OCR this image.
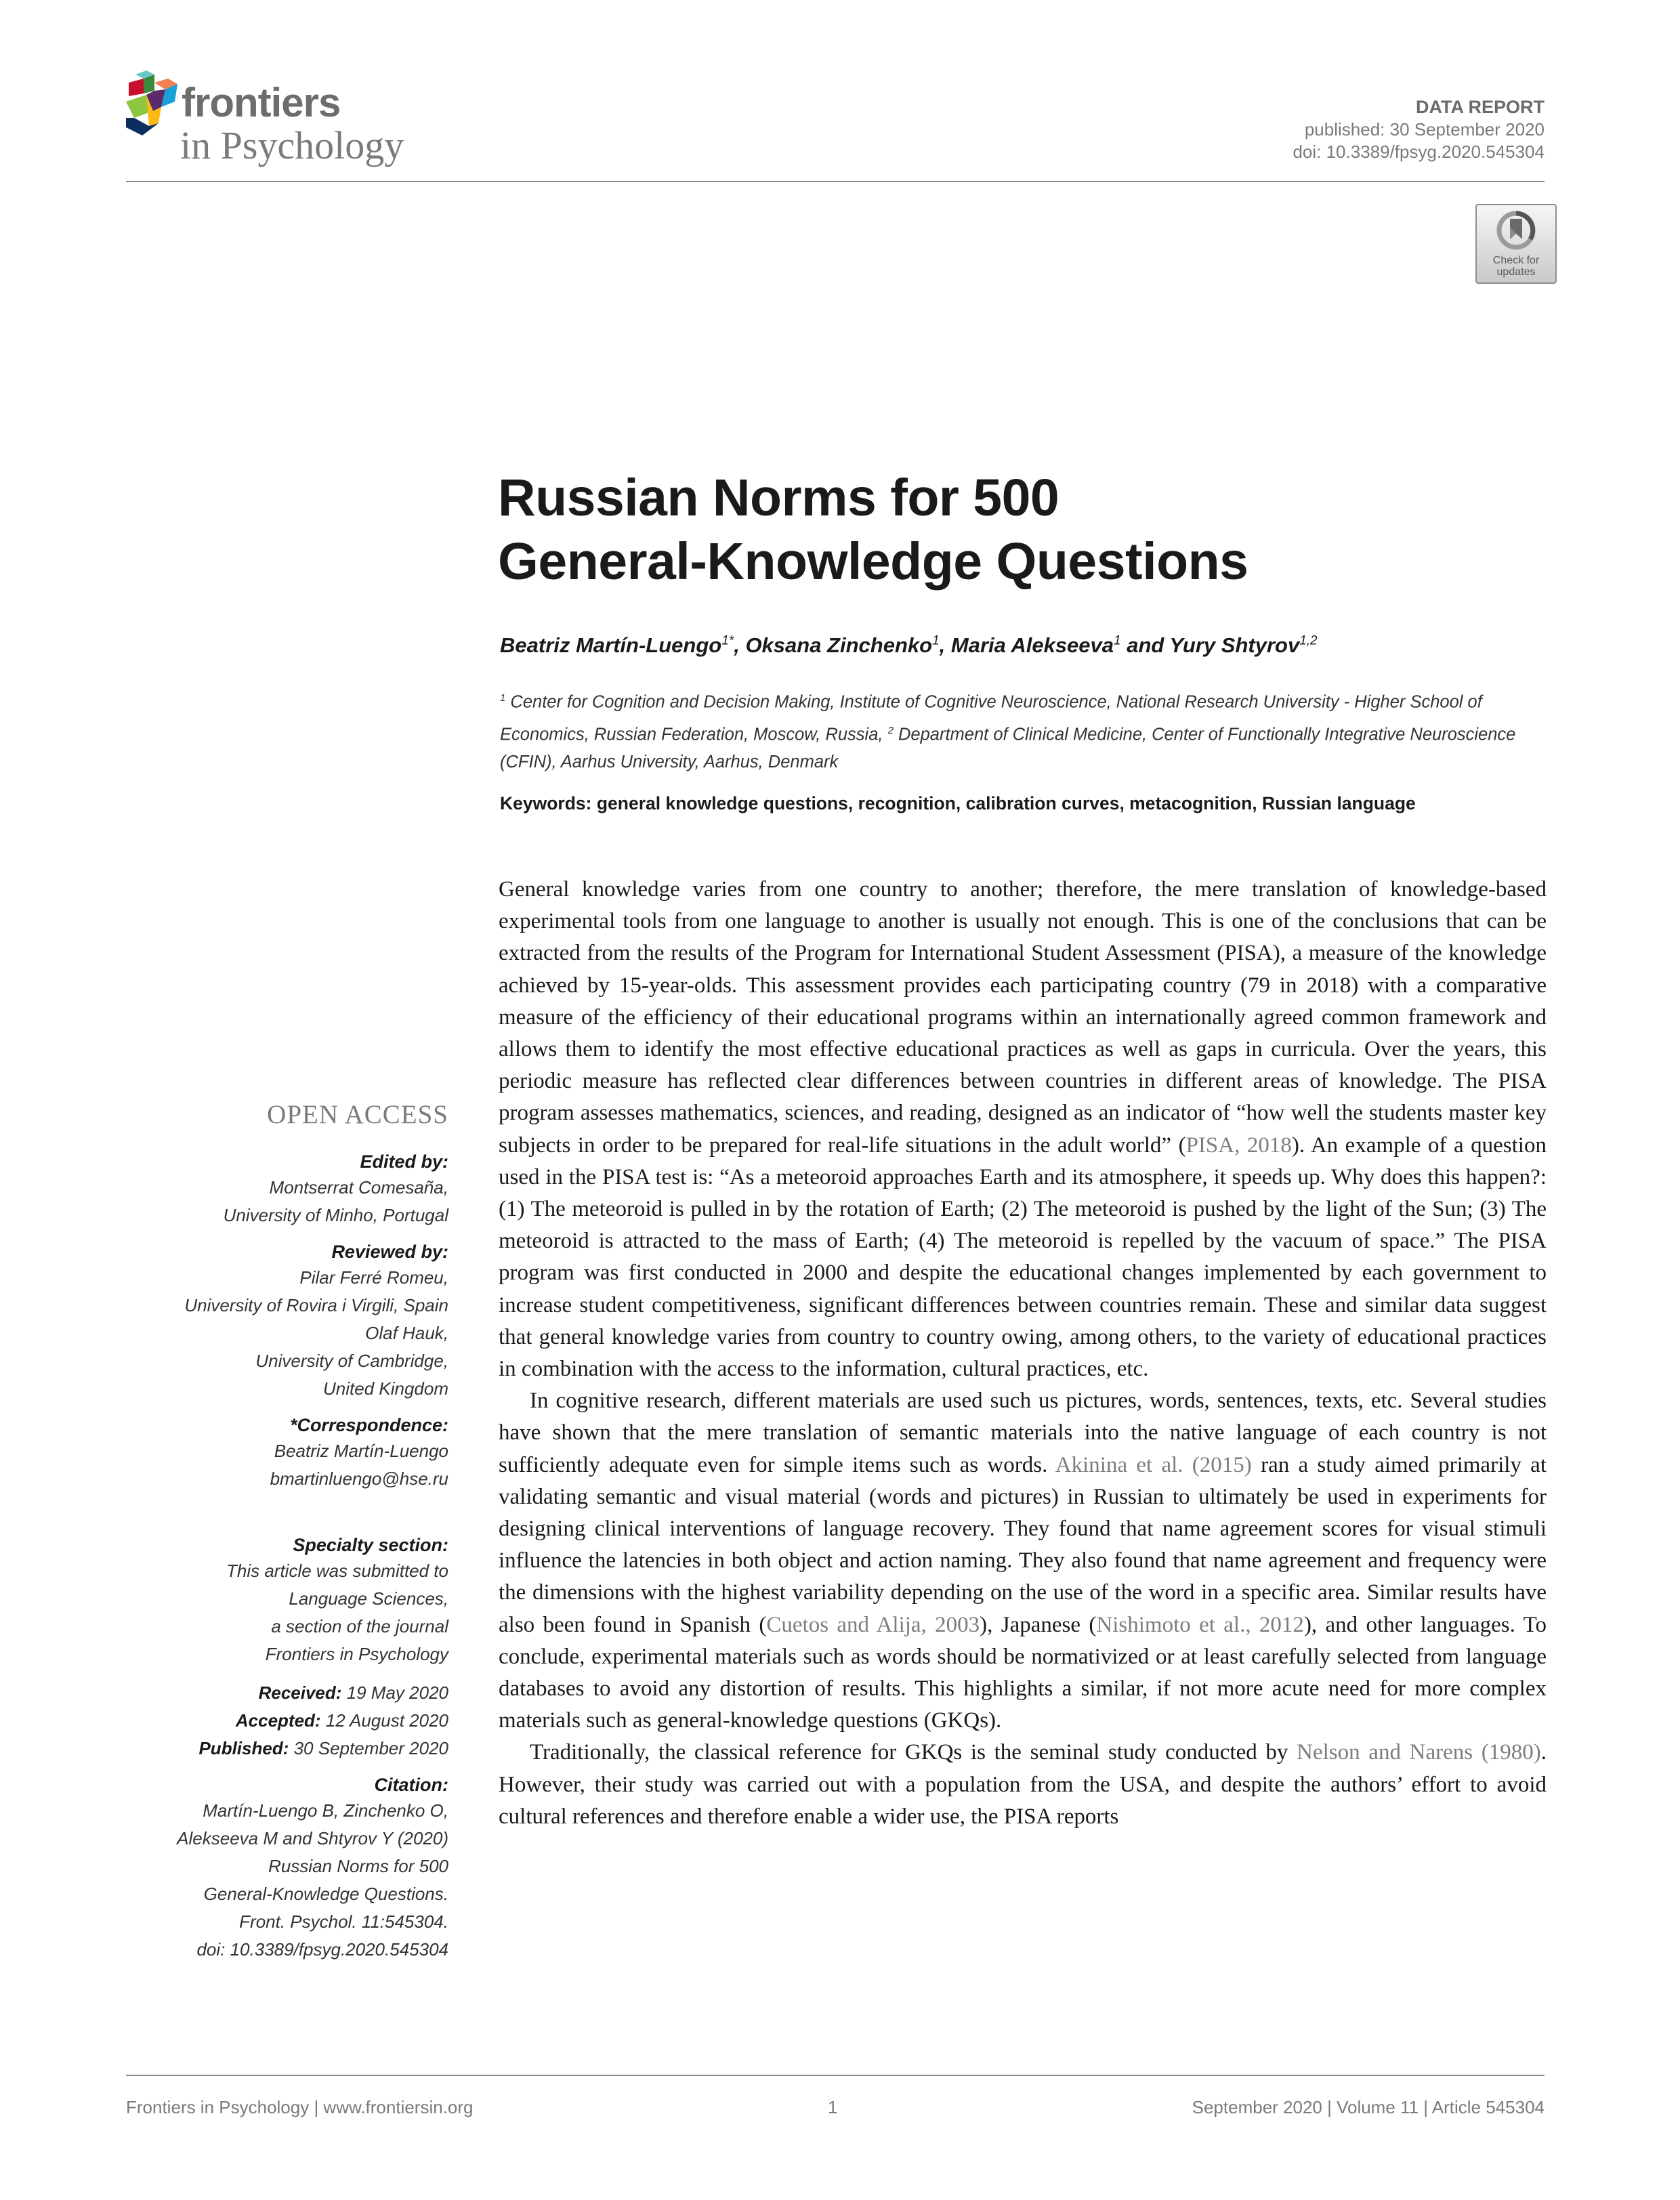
frontiers
in Psychology
DATA REPORT
published: 30 September 2020
doi: 10.3389/fpsyg.2020.545304
Check for
updates
Russian Norms for 500
General-Knowledge Questions
Beatriz Martín-Luengo$^{1*}$, Oksana Zinchenko$^1$, Maria Alekseeva$^1$ and Yury Shtyrov$^{1,2}$
$^1$ Center for Cognition and Decision Making, Institute of Cognitive Neuroscience, National Research University - Higher School of Economics, Russian Federation, Moscow, Russia, $^2$ Department of Clinical Medicine, Center of Functionally Integrative Neuroscience (CFIN), Aarhus University, Aarhus, Denmark
Keywords: general knowledge questions, recognition, calibration curves, metacognition, Russian language
OPEN ACCESS
Edited by:
Montserrat Comesaña,
University of Minho, Portugal
Reviewed by:
Pilar Ferré Romeu,
University of Rovira i Virgili, Spain
Olaf Hauk,
University of Cambridge,
United Kingdom
*Correspondence:
Beatriz Martín-Luengo
bmartinluengo@hse.ru
Specialty section:
This article was submitted to
Language Sciences,
a section of the journal
Frontiers in Psychology
Received: 19 May 2020
Accepted: 12 August 2020
Published: 30 September 2020
Citation:
Martín-Luengo B, Zinchenko O,
Alekseeva M and Shtyrov Y (2020)
Russian Norms for 500
General-Knowledge Questions.
Front. Psychol. 11:545304.
doi: 10.3389/fpsyg.2020.545304

General knowledge varies from one country to another; therefore, the mere translation of knowledge-based experimental tools from one language to another is usually not enough. This is one of the conclusions that can be extracted from the results of the Program for International Student Assessment (PISA), a measure of the knowledge achieved by 15-year-olds. This assessment provides each participating country (79 in 2018) with a comparative measure of the efficiency of their educational programs within an internationally agreed common framework and allows them to identify the most effective educational practices as well as gaps in curricula. Over the years, this periodic measure has reflected clear differences between countries in different areas of knowledge. The PISA program assesses mathematics, sciences, and reading, designed as an indicator of “how well the students master key subjects in order to be prepared for real-life situations in the adult world” (PISA, 2018). An example of a question used in the PISA test is: “As a meteoroid approaches Earth and its atmosphere, it speeds up. Why does this happen?: (1) The meteoroid is pulled in by the rotation of Earth; (2) The meteoroid is pushed by the light of the Sun; (3) The meteoroid is attracted to the mass of Earth; (4) The meteoroid is repelled by the vacuum of space.” The PISA program was first conducted in 2000 and despite the educational changes implemented by each government to increase student competitiveness, significant differences between countries remain. These and similar data suggest that general knowledge varies from country to country owing, among others, to the variety of educational practices in combination with the access to the information, cultural practices, etc.

In cognitive research, different materials are used such us pictures, words, sentences, texts, etc. Several studies have shown that the mere translation of semantic materials into the native language of each country is not sufficiently adequate even for simple items such as words. Akinina et al. (2015) ran a study aimed primarily at validating semantic and visual material (words and pictures) in Russian to ultimately be used in experiments for designing clinical interventions of language recovery. They found that name agreement scores for visual stimuli influence the latencies in both object and action naming. They also found that name agreement and frequency were the dimensions with the highest variability depending on the use of the word in a specific area. Similar results have also been found in Spanish (Cuetos and Alija, 2003), Japanese (Nishimoto et al., 2012), and other languages. To conclude, experimental materials such as words should be normativized or at least carefully selected from language databases to avoid any distortion of results. This highlights a similar, if not more acute need for more complex materials such as general-knowledge questions (GKQs).

Traditionally, the classical reference for GKQs is the seminal study conducted by Nelson and Narens (1980). However, their study was carried out with a population from the USA, and despite the authors’ effort to avoid cultural references and therefore enable a wider use, the PISA reports

Frontiers in Psychology | www.frontiersin.org	1	September 2020 | Volume 11 | Article 545304
